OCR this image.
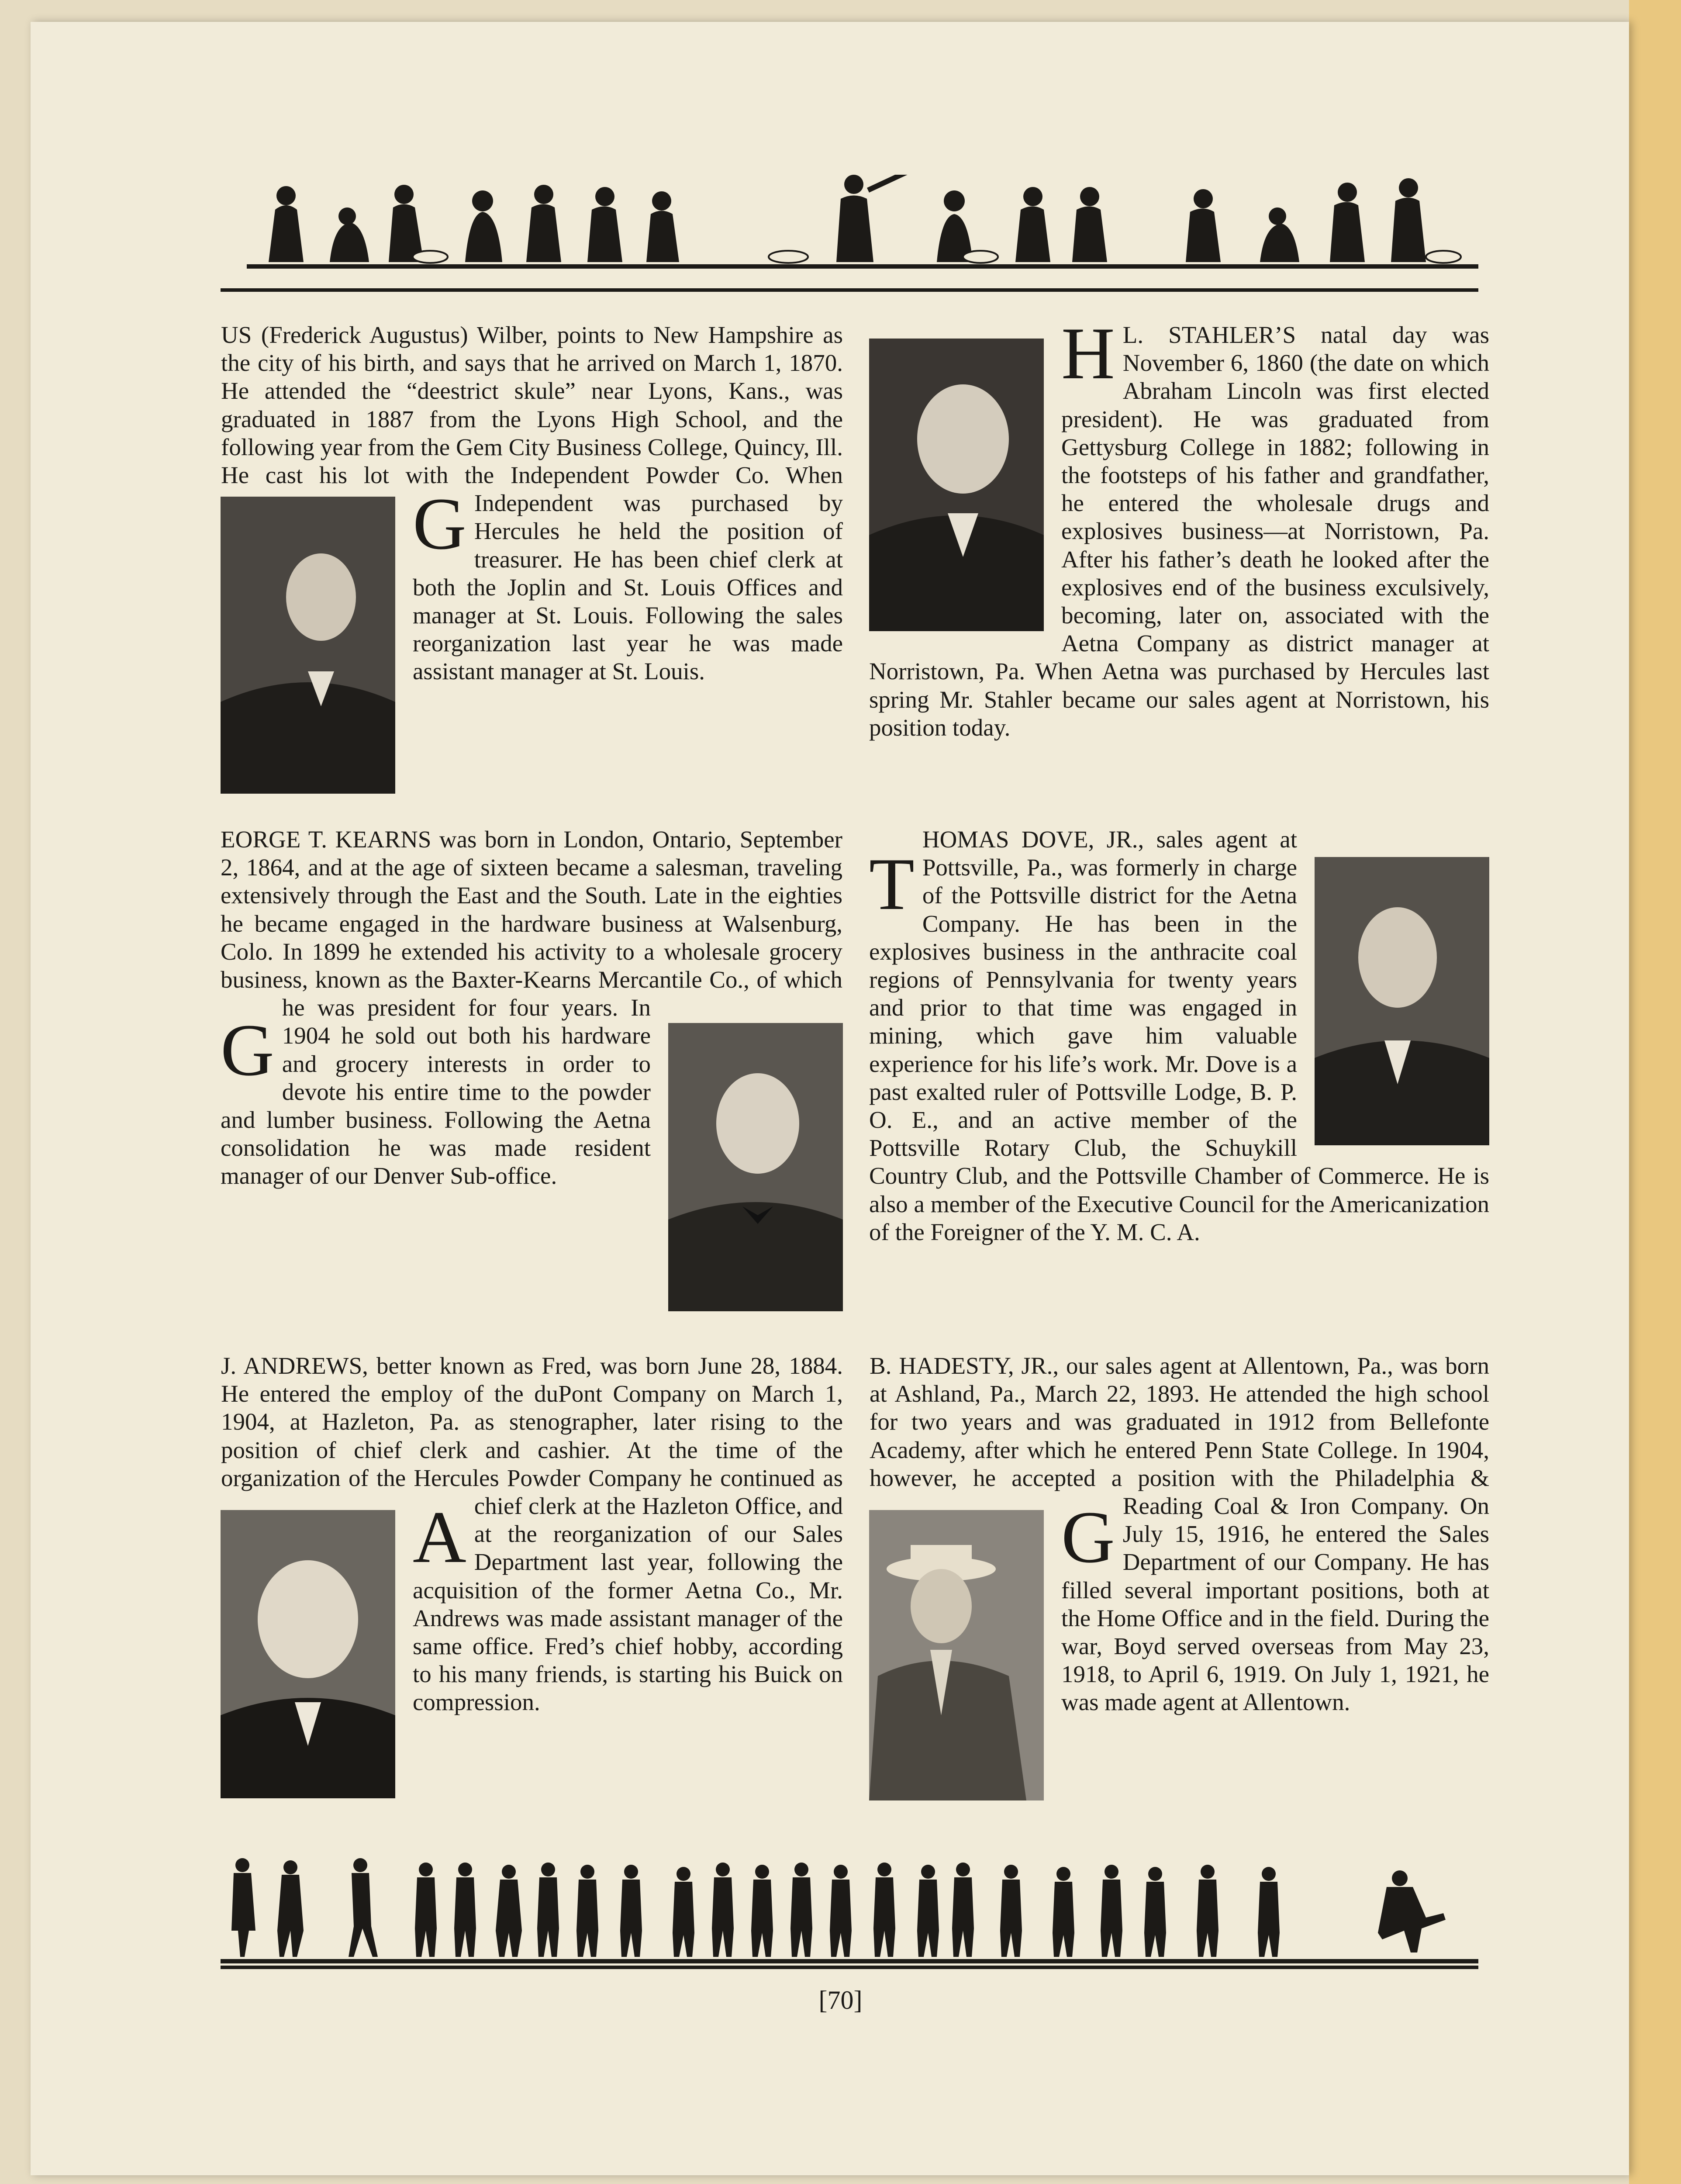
G

US (Frederick Augustus) Wilber, points to New Hampshire as the city of his birth, and says that he arrived on March 1, 1870. He attended the “deestrict skule” near Lyons, Kans., was graduated in 1887 from the Lyons High School, and the following year from the Gem City Business College, Quincy, Ill. He cast his lot with the Independent Powder Co. When Independent was purchased by Hercules he held the position of treasurer. He has been chief clerk at both the Joplin and St. Louis Offices and manager at St. Louis. Following the sales reorganization last year he was made assistant manager at St. Louis.

H L. STAHLER’S natal day was November 6, 1860 (the date on which Abraham Lincoln was first elected president). He was graduated from Gettysburg College in 1882; following in the footsteps of his father and grandfather, he entered the wholesale drugs and explosives business—at Norristown, Pa. After his father’s death he looked after the explosives end of the business exculsively, becoming, later on, associated with the Aetna Company as district manager at Norristown, Pa. When Aetna was purchased by Hercules last spring Mr. Stahler became our sales agent at Norristown, his position today.

G

EORGE T. KEARNS was born in London, Ontario, September 2, 1864, and at the age of sixteen became a salesman, traveling extensively through the East and the South. Late in the eighties he became engaged in the hardware business at Walsenburg, Colo. In 1899 he extended his activity to a wholesale grocery business, known as the Baxter-Kearns Mercantile Co., of which he was president for four years. In 1904 he sold out both his hardware and grocery interests in order to devote his entire time to the powder and lumber business. Following the Aetna consolidation he was made resident manager of our Denver Sub-office.

T

HOMAS DOVE, JR., sales agent at Pottsville, Pa., was formerly in charge of the Pottsville district for the Aetna Company. He has been in the explosives business in the anthracite coal regions of Pennsylvania for twenty years and prior to that time was engaged in mining, which gave him valuable experience for his life’s work. Mr. Dove is a past exalted ruler of Pottsville Lodge, B. P. O. E., and an active member of the Pottsville Rotary Club, the Schuykill Country Club, and the Pottsville Chamber of Commerce. He is also a member of the Executive Council for the Americanization of the Foreigner of the Y. M. C. A.

A

J. ANDREWS, better known as Fred, was born June 28, 1884. He entered the employ of the duPont Company on March 1, 1904, at Hazleton, Pa. as stenographer, later rising to the position of chief clerk and cashier. At the time of the organization of the Hercules Powder Company he continued as chief clerk at the Hazleton Office, and at the reorganization of our Sales Department last year, following the acquisition of the former Aetna Co., Mr. Andrews was made assistant manager of the same office. Fred’s chief hobby, according to his many friends, is starting his Buick on compression.

G

B. HADESTY, JR., our sales agent at Allentown, Pa., was born at Ashland, Pa., March 22, 1893. He attended the high school for two years and was graduated in 1912 from Bellefonte Academy, after which he entered Penn State College. In 1904, however, he accepted a position with the Philadelphia & Reading Coal & Iron Company. On July 15, 1916, he entered the Sales Department of our Company. He has filled several important positions, both at the Home Office and in the field. During the war, Boyd served overseas from May 23, 1918, to April 6, 1919. On July 1, 1921, he was made agent at Allentown.

[70]
